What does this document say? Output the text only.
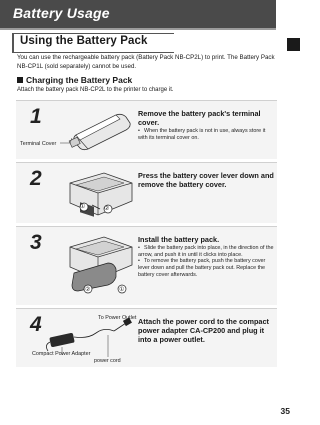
Battery Usage
Using the Battery Pack
You can use the rechargeable battery pack (Battery Pack NB-CP2L) to print. The Battery Pack NB-CP1L (sold separately) cannot be used.
Charging the Battery Pack
Attach the battery pack NB-CP2L to the printer to charge it.
1
Terminal Cover
Remove the battery pack's terminal cover.
• When the battery pack is not in use, always store it with its terminal cover on.
2
①	②
Press the battery cover lever down and remove the battery cover.
3
②	①
Install the battery pack.
• Slide the battery pack into place, in the direction of the arrow, and push it in until it clicks into place.
• To remove the battery pack, push the battery cover lever down and pull the battery pack out. Replace the battery cover afterwards.
4	To Power Outlet
Compact Power Adapter
power cord
Attach the power cord to the compact power adapter CA-CP200 and plug it into a power outlet.
35
